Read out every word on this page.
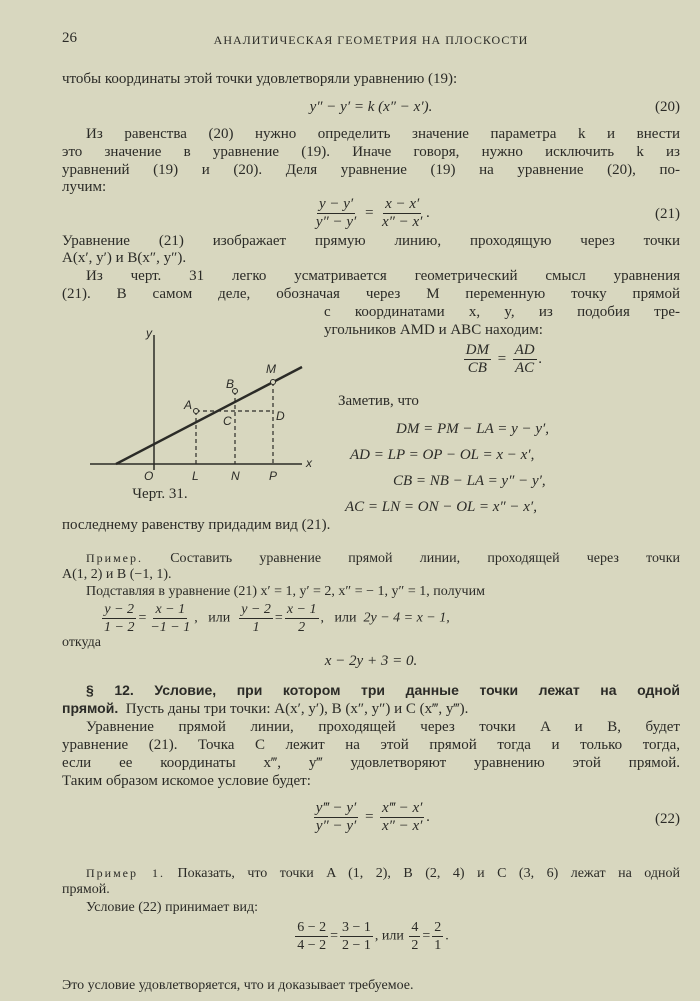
26	АНАЛИТИЧЕСКАЯ ГЕОМЕТРИЯ НА ПЛОСКОСТИ
чтобы координаты этой точки удовлетворяли уравнению (19):
y″ − y′ = k (x″ − x′).	(20)
Из равенства (20) нужно определить значение параметра k и внести
это значение в уравнение (19). Иначе говоря, нужно исключить k из
уравнений (19) и (20). Деля уравнение (19) на уравнение (20), по-
лучим:
$\frac{y - y'}{y'' - y'} = \frac{x - x'}{x'' - x'}$ .	(21)
Уравнение (21) изображает прямую линию, проходящую через точки
A(x′, y′) и B(x″, y″).
Из черт. 31 легко усматривается геометрический смысл уравнения
(21). В самом деле, обозначая через M переменную точку прямой
с координатами x, y, из подобия тре-
угольников AMD и ABC находим:
y
x
O	L	N P
A
B
C	D
M
Черт. 31.
$\frac{DM}{CB} = \frac{AD}{AC}$ .
Заметив, что
DM = PM − LA = y − y′,
AD = LP = OP − OL = x − x′,
CB = NB − LA = y″ − y′,
AC = LN = ON − OL = x″ − x′,
последнему равенству придадим вид (21).
Пример. Составить уравнение прямой линии, проходящей через точки
A(1, 2) и B (−1, 1).
Подставляя в уравнение (21) x′ = 1, y′ = 2, x″ = − 1, y″ = 1, получим
$\frac{y - 2}{1 - 2} = \frac{x - 1}{-1 - 1}$ ,   или $\frac{y - 2}{1} = \frac{x - 1}{2}$ ,   или 2y − 4 = x − 1,
откуда
x − 2y + 3 = 0.
§ 12. Условие, при котором три данные точки лежат на одной
прямой. Пусть даны три точки: A(x′, y′), B (x″, y″) и C (x‴, y‴).
Уравнение прямой линии, проходящей через точки A и B, будет
уравнение (21). Точка C лежит на этой прямой тогда и только тогда,
если ее координаты x‴, y‴ удовлетворяют уравнению этой прямой.
Таким образом искомое условие будет:
$\frac{y‴ - y'}{y'' - y'} = \frac{x‴ - x'}{x'' - x'}$ .	(22)
Пример 1. Показать, что точки A (1, 2), B (2, 4) и C (3, 6) лежат на одной
прямой.
Условие (22) принимает вид:
$\frac{6 - 2}{4 - 2} = \frac{3 - 1}{2 - 1}$ , или $\frac{4}{2} = \frac{2}{1}$ .
Это условие удовлетворяется, что и доказывает требуемое.
